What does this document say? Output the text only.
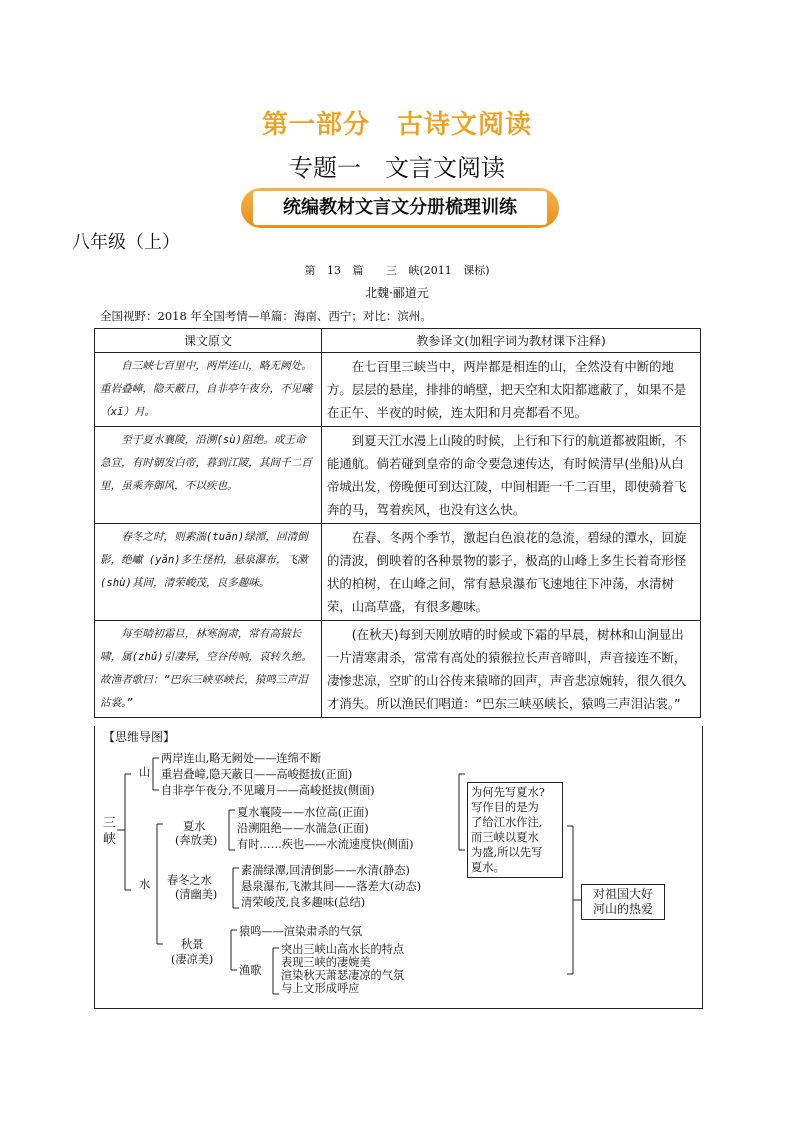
第一部分　古诗文阅读
专题一　文言文阅读
统编教材文言文分册梳理训练
八年级（上）
第 13 篇　 三 峡(2011 课标)
北魏·郦道元
全国视野：2018 年全国考情—单篇：海南、西宁；对比：滨州。
课文原文	教参译文(加粗字词为教材课下注释)
自三峡七百里中，两岸连山，略无阙处。重岩叠嶂，隐天蔽日，自非亭午夜分，不见曦（xī）月。	在七百里三峡当中，两岸都是相连的山，全然没有中断的地方。层层的悬崖，排排的峭壁，把天空和太阳都遮蔽了，如果不是在正午、半夜的时候，连太阳和月亮都看不见。
至于夏水襄陵，沿溯(sù)阻绝。或王命急宣，有时朝发白帝，暮到江陵，其间千二百里，虽乘奔御风，不以疾也。	到夏天江水漫上山陵的时候，上行和下行的航道都被阻断，不能通航。倘若碰到皇帝的命令要急速传达，有时候清早(坐船)从白帝城出发，傍晚便可到达江陵，中间相距一千二百里，即使骑着飞奔的马，驾着疾风，也没有这么快。
春冬之时，则素湍(tuān)绿潭，回清倒影，绝巘 (yǎn)多生怪柏，悬泉瀑布，飞漱(shù)其间，清荣峻茂，良多趣味。	在春、冬两个季节，激起白色浪花的急流，碧绿的潭水，回旋的清波，倒映着的各种景物的影子，极高的山峰上多生长着奇形怪状的柏树，在山峰之间，常有悬泉瀑布飞速地往下冲荡，水清树荣，山高草盛，有很多趣味。
每至晴初霜旦，林寒涧肃，常有高猿长啸，属(zhǔ)引凄异，空谷传响，哀转久绝。故渔者歌曰：“巴东三峡巫峡长，猿鸣三声泪沾裳。”	(在秋天)每到天刚放晴的时候或下霜的早晨，树林和山涧显出一片清寒肃杀，常常有高处的猿猴拉长声音啼叫，声音接连不断，凄惨悲凉，空旷的山谷传来猿啼的回声，声音悲凉婉转，很久很久才消失。所以渔民们唱道：“巴东三峡巫峡长，猿鸣三声泪沾裳。”
【思维导图】
三峡
山
两岸连山,略无阙处——连绵不断
重岩叠嶂,隐天蔽日——高峻挺拔(正面)
自非亭午夜分,不见曦月——高峻挺拔(侧面)
水
夏水
(奔放美)
夏水襄陵——水位高(正面)
沿溯阻绝——水湍急(正面)
有时……疾也——水流速度快(侧面)
春冬之水
(清幽美)
素湍绿潭,回清倒影——水清(静态)
悬泉瀑布,飞漱其间——落差大(动态)
清荣峻茂,良多趣味(总结)
秋景
(凄凉美)
猿鸣——渲染肃杀的气氛
渔歌
突出三峡山高水长的特点
表现三峡的凄婉美
渲染秋天萧瑟凄凉的气氛
与上文形成呼应
为何先写夏水?
写作目的是为
了给江水作注,
而三峡以夏水
为盛,所以先写
夏水。
对祖国大好
河山的热爱
